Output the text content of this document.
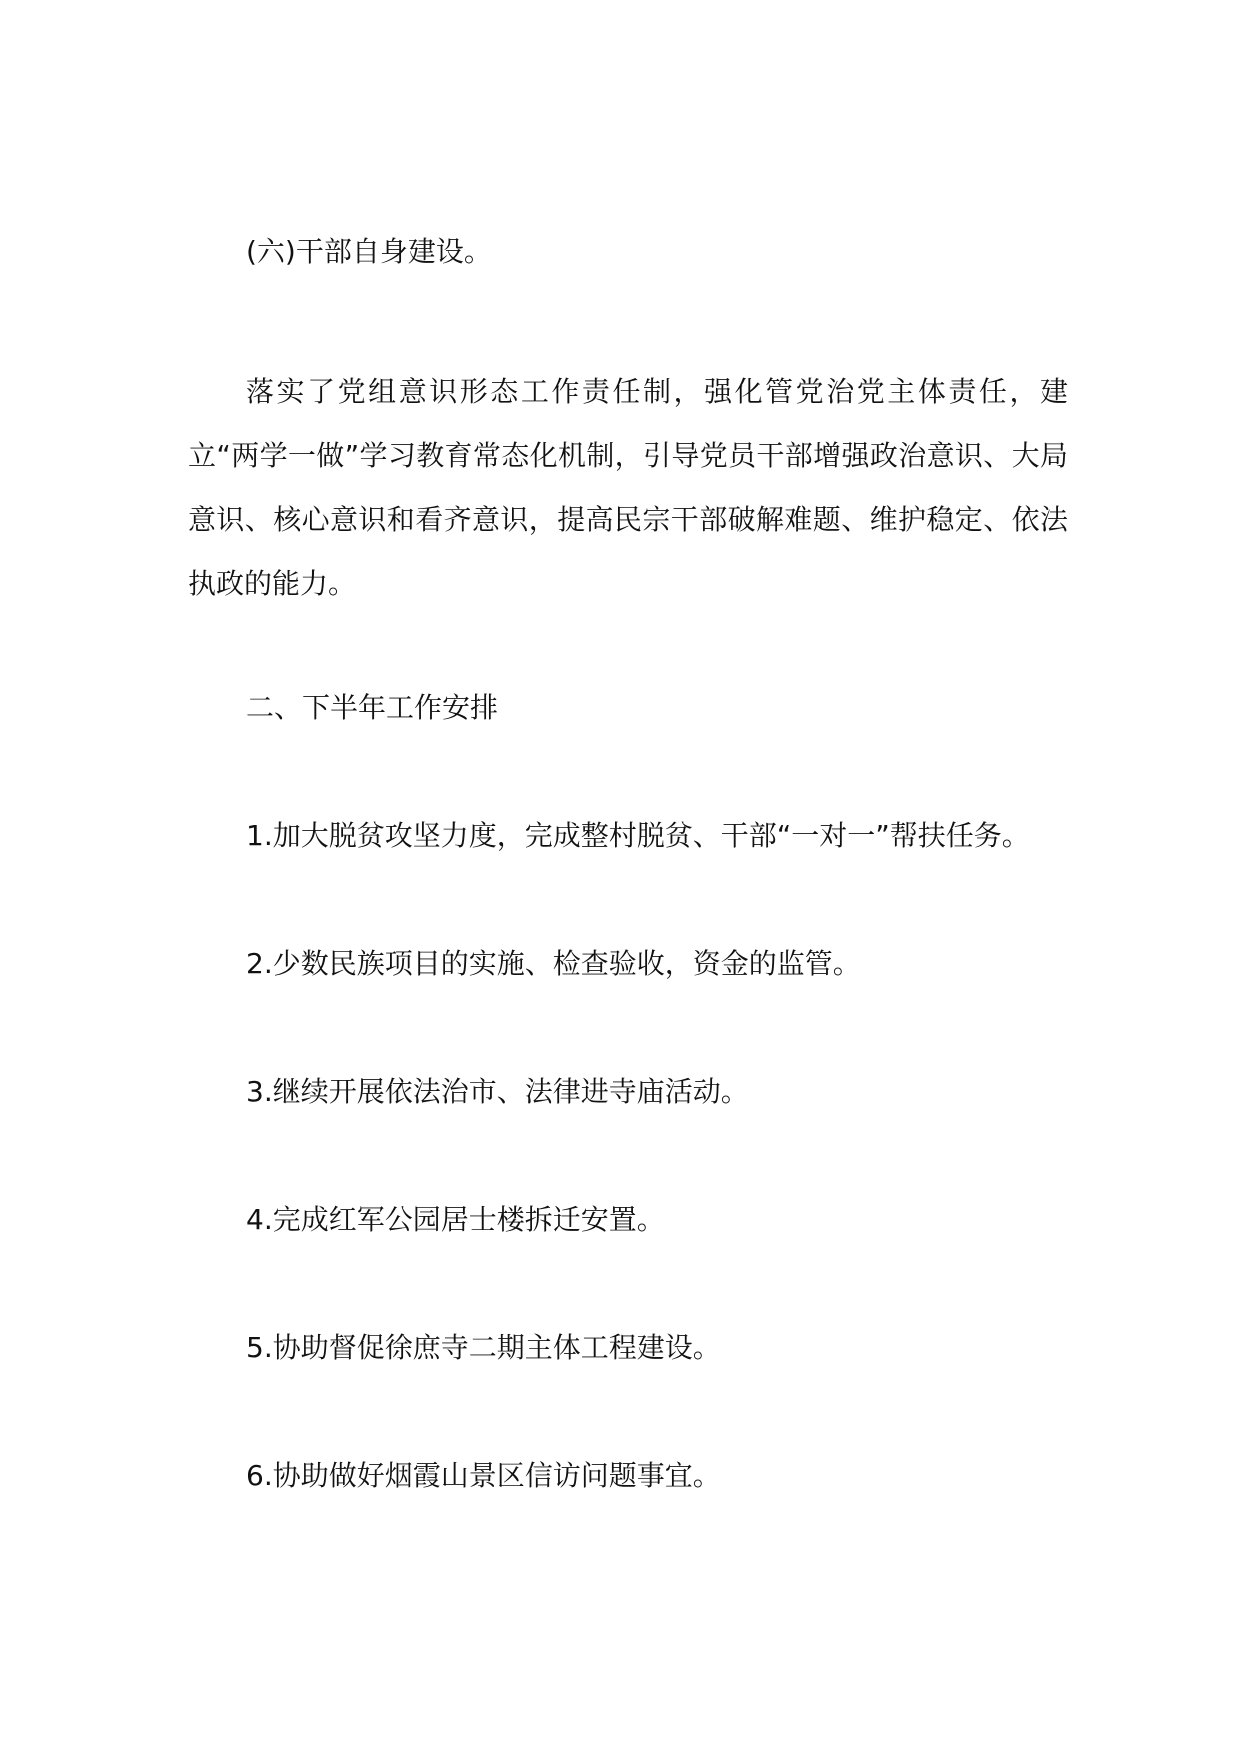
(六)干部自身建设。
落实了党组意识形态工作责任制，强化管党治党主体责任，建立“两学一做”学习教育常态化机制，引导党员干部增强政治意识、大局意识、核心意识和看齐意识，提高民宗干部破解难题、维护稳定、依法执政的能力。
二、下半年工作安排
1.加大脱贫攻坚力度，完成整村脱贫、干部“一对一”帮扶任务。
2.少数民族项目的实施、检查验收，资金的监管。
3.继续开展依法治市、法律进寺庙活动。
4.完成红军公园居士楼拆迁安置。
5.协助督促徐庶寺二期主体工程建设。
6.协助做好烟霞山景区信访问题事宜。
